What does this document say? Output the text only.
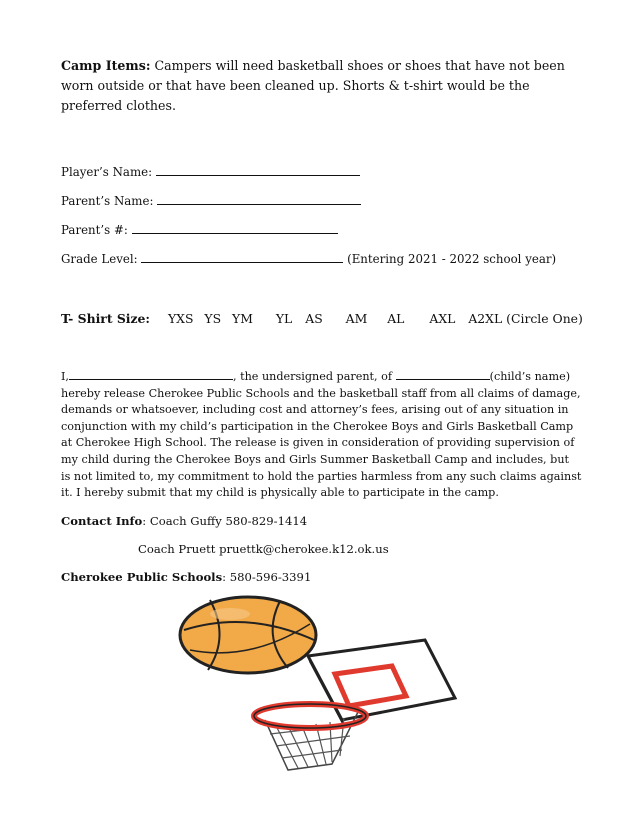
Camp Items: Campers will need basketball shoes or shoes that have not been
worn outside or that have been cleaned up. Shorts & t-shirt would be the
preferred clothes.
Player’s Name:
Parent’s Name:
Parent’s #:
Grade Level:	(Entering 2021 - 2022 school year)
T- Shirt Size: YXS YS YM YL AS AM AL AXL A2XL (Circle One)
I,	, the undersigned parent, of	(child’s name)
hereby release Cherokee Public Schools and the basketball staff from all claims of damage,
demands or whatsoever, including cost and attorney’s fees, arising out of any situation in
conjunction with my child’s participation in the Cherokee Boys and Girls Basketball Camp
at Cherokee High School. The release is given in consideration of providing supervision of
my child during the Cherokee Boys and Girls Summer Basketball Camp and includes, but
is not limited to, my commitment to hold the parties harmless from any such claims against
it. I hereby submit that my child is physically able to participate in the camp.
Contact Info: Coach Guffy 580-829-1414
Coach Pruett pruettk@cherokee.k12.ok.us
Cherokee Public Schools: 580-596-3391
